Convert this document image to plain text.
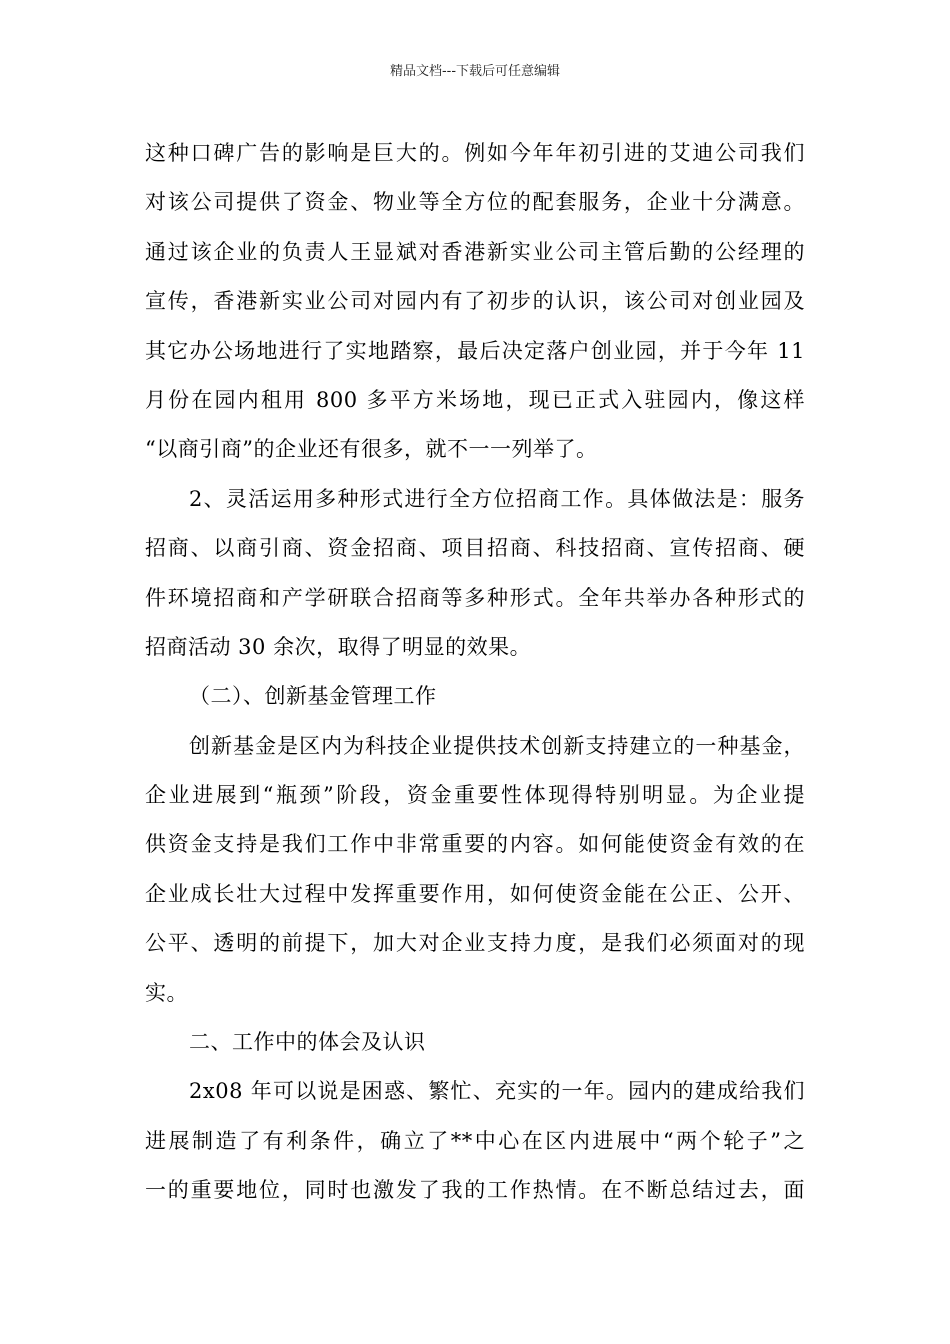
精品文档---下载后可任意编辑
这种口碑广告的影响是巨大的。例如今年年初引进的艾迪公司我们
对该公司提供了资金、物业等全方位的配套服务，企业十分满意。
通过该企业的负责人王显斌对香港新实业公司主管后勤的公经理的
宣传，香港新实业公司对园内有了初步的认识，该公司对创业园及
其它办公场地进行了实地踏察，最后决定落户创业园，并于今年 11
月份在园内租用 800 多平方米场地，现已正式入驻园内，像这样
“以商引商”的企业还有很多，就不一一列举了。
2、灵活运用多种形式进行全方位招商工作。具体做法是：服务
招商、以商引商、资金招商、项目招商、科技招商、宣传招商、硬
件环境招商和产学研联合招商等多种形式。全年共举办各种形式的
招商活动 30 余次，取得了明显的效果。
（二）、创新基金管理工作
创新基金是区内为科技企业提供技术创新支持建立的一种基金，
企业进展到“瓶颈”阶段，资金重要性体现得特别明显。为企业提
供资金支持是我们工作中非常重要的内容。如何能使资金有效的在
企业成长壮大过程中发挥重要作用，如何使资金能在公正、公开、
公平、透明的前提下，加大对企业支持力度，是我们必须面对的现
实。
二、工作中的体会及认识
2x08 年可以说是困惑、繁忙、充实的一年。园内的建成给我们
进展制造了有利条件，确立了**中心在区内进展中“两个轮子”之
一的重要地位，同时也激发了我的工作热情。在不断总结过去，面
